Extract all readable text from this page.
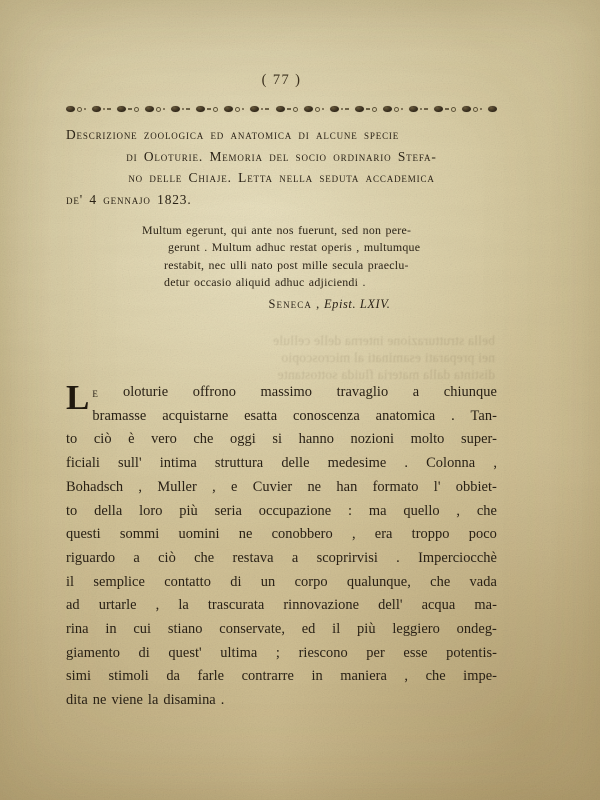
bella strutturazione interna delle cellule
nei preparati esaminati al microscopio
distinta dalla materia fluida sottostante
( 77 )
Descrizione zoologica ed anatomica di alcune specie
di Oloturie. Memoria del socio ordinario Stefa-
no delle Chiaje. Letta nella seduta accademica
de' 4 gennajo 1823.
Multum egerunt, qui ante nos fuerunt, sed non pere-
gerunt . Multum adhuc restat operis , multumque
restabit, nec ulli nato post mille secula praeclu-
detur occasio aliquid adhuc adjiciendi .
Seneca , Epist. LXIV.
L e oloturie offrono massimo travaglio a chiunque
bramasse acquistarne esatta conoscenza anatomica . Tan-
to ciò è vero che oggi si hanno nozioni molto super-
ficiali sull' intima struttura delle medesime . Colonna ,
Bohadsch , Muller , e Cuvier ne han formato l' obbiet-
to della loro più seria occupazione : ma quello , che
questi sommi uomini ne conobbero , era troppo poco
riguardo a ciò che restava a scoprirvisi . Imperciocchè
il semplice contatto di un corpo qualunque, che vada
ad urtarle , la trascurata rinnovazione dell' acqua ma-
rina in cui stiano conservate, ed il più leggiero ondeg-
giamento di quest' ultima ; riescono per esse potentis-
simi stimoli da farle contrarre in maniera , che impe-
dita ne viene la disamina .
